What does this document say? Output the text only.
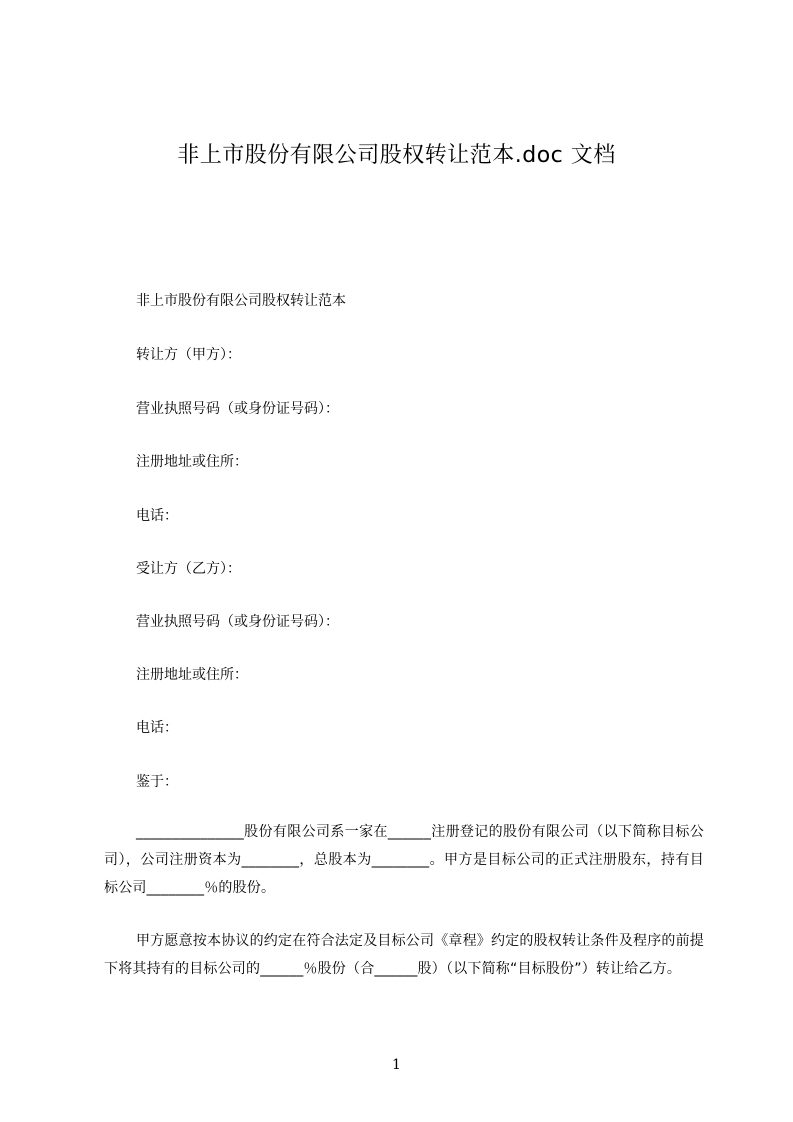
非上市股份有限公司股权转让范本.doc 文档
非上市股份有限公司股权转让范本
转让方（甲方）：
营业执照号码（或身份证号码）：
注册地址或住所：
电话：
受让方（乙方）：
营业执照号码（或身份证号码）：
注册地址或住所：
电话：
鉴于：
_______________股份有限公司系一家在______注册登记的股份有限公司（以下简称目标公司），公司注册资本为________，总股本为________。甲方是目标公司的正式注册股东，持有目标公司________％的股份。
甲方愿意按本协议的约定在符合法定及目标公司《章程》约定的股权转让条件及程序的前提下将其持有的目标公司的______％股份（合______股）（以下简称“目标股份”）转让给乙方。
1
